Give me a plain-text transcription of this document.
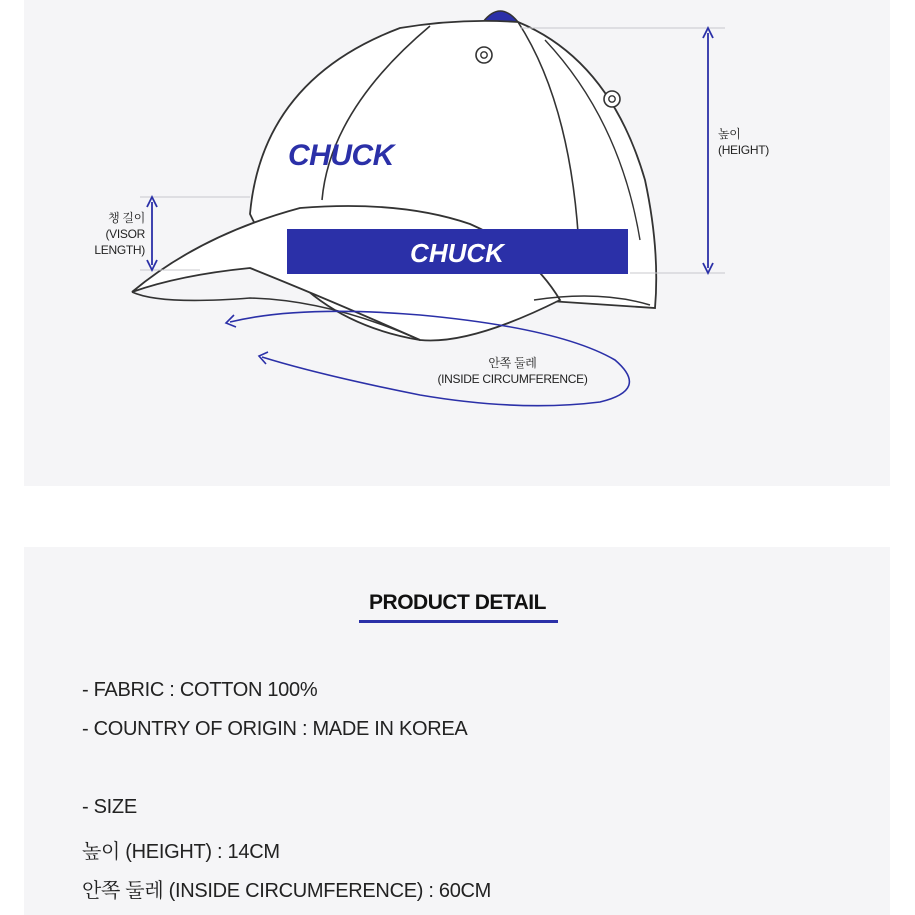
CHUCK
CHUCK
높이
(HEIGHT)
챙 길이
(VISOR
LENGTH)
안쪽 둘레
(INSIDE CIRCUMFERENCE)
PRODUCT DETAIL
- FABRIC : COTTON 100%
- COUNTRY OF ORIGIN : MADE IN KOREA
- SIZE
높이 (HEIGHT) : 14CM
안쪽 둘레 (INSIDE CIRCUMFERENCE) : 60CM
